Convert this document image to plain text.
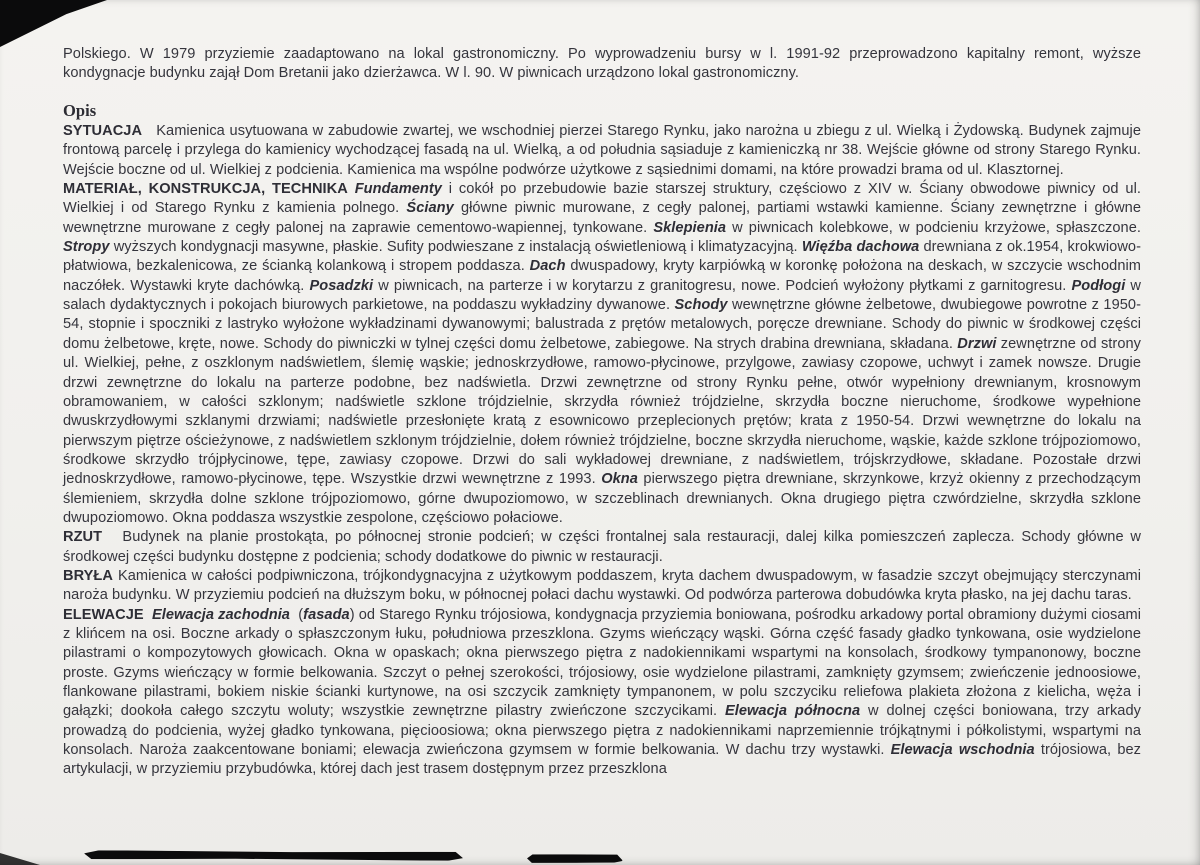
Polskiego. W 1979 przyziemie zaadaptowano na lokal gastronomiczny. Po wyprowadzeniu bursy w l. 1991-92 przeprowadzono kapitalny remont, wyższe kondygnacje budynku zajął Dom Bretanii jako dzierżawca. W l. 90. W piwnicach urządzono lokal gastronomiczny.

Opis

SYTUACJA   Kamienica usytuowana w zabudowie zwartej, we wschodniej pierzei Starego Rynku, jako narożna u zbiegu z ul. Wielką i Żydowską. Budynek zajmuje frontową parcelę i przylega do kamienicy wychodzącej fasadą na ul. Wielką, a od południa sąsiaduje z kamieniczką nr 38. Wejście główne od strony Starego Rynku. Wejście boczne od ul. Wielkiej z podcienia. Kamienica ma wspólne podwórze użytkowe z sąsiednimi domami, na które prowadzi brama od ul. Klasztornej.

MATERIAŁ, KONSTRUKCJA, TECHNIKA Fundamenty i cokół po przebudowie bazie starszej struktury, częściowo z XIV w. Ściany obwodowe piwnicy od ul. Wielkiej i od Starego Rynku z kamienia polnego. Ściany główne piwnic murowane, z cegły palonej, partiami wstawki kamienne. Ściany zewnętrzne i główne wewnętrzne murowane z cegły palonej na zaprawie cementowo-wapiennej, tynkowane. Sklepienia w piwnicach kolebkowe, w podcieniu krzyżowe, spłaszczone. Stropy wyższych kondygnacji masywne, płaskie. Sufity podwieszane z instalacją oświetleniową i klimatyzacyjną. Więźba dachowa drewniana z ok.1954, krokwiowo-płatwiowa, bezkalenicowa, ze ścianką kolankową i stropem poddasza. Dach dwuspadowy, kryty karpiówką w koronkę położona na deskach, w szczycie wschodnim naczółek. Wystawki kryte dachówką. Posadzki w piwnicach, na parterze i w korytarzu z granitogresu, nowe. Podcień wyłożony płytkami z garnitogresu. Podłogi w salach dydaktycznych i pokojach biurowych parkietowe, na poddaszu wykładziny dywanowe. Schody wewnętrzne główne żelbetowe, dwubiegowe powrotne z 1950-54, stopnie i spoczniki z lastryko wyłożone wykładzinami dywanowymi; balustrada z prętów metalowych, poręcze drewniane. Schody do piwnic w środkowej części domu żelbetowe, kręte, nowe. Schody do piwniczki w tylnej części domu żelbetowe, zabiegowe. Na strych drabina drewniana, składana. Drzwi zewnętrzne od strony ul. Wielkiej, pełne, z oszklonym nadświetlem, ślemię wąskie; jednoskrzydłowe, ramowo-płycinowe, przylgowe, zawiasy czopowe, uchwyt i zamek nowsze. Drugie drzwi zewnętrzne do lokalu na parterze podobne, bez nadświetla. Drzwi zewnętrzne od strony Rynku pełne, otwór wypełniony drewnianym, krosnowym obramowaniem, w całości szklonym; nadświetle szklone trójdzielnie, skrzydła również trójdzielne, skrzydła boczne nieruchome, środkowe wypełnione dwuskrzydłowymi szklanymi drzwiami; nadświetle przesłonięte kratą z esownicowo przeplecionych prętów; krata z 1950-54. Drzwi wewnętrzne do lokalu na pierwszym piętrze ościeżynowe, z nadświetlem szklonym trójdzielnie, dołem również trójdzielne, boczne skrzydła nieruchome, wąskie, każde szklone trójpoziomowo, środkowe skrzydło trójpłycinowe, tępe, zawiasy czopowe. Drzwi do sali wykładowej drewniane, z nadświetlem, trójskrzydłowe, składane. Pozostałe drzwi jednoskrzydłowe, ramowo-płycinowe, tępe. Wszystkie drzwi wewnętrzne z 1993. Okna pierwszego piętra drewniane, skrzynkowe, krzyż okienny z przechodzącym ślemieniem, skrzydła dolne szklone trójpoziomowo, górne dwupoziomowo, w szczeblinach drewnianych. Okna drugiego piętra czwórdzielne, skrzydła szklone dwupoziomowo. Okna poddasza wszystkie zespolone, częściowo połaciowe.

RZUT   Budynek na planie prostokąta, po północnej stronie podcień; w części frontalnej sala restauracji, dalej kilka pomieszczeń zaplecza. Schody główne w środkowej części budynku dostępne z podcienia; schody dodatkowe do piwnic w restauracji.

BRYŁA Kamienica w całości podpiwniczona, trójkondygnacyjna z użytkowym poddaszem, kryta dachem dwuspadowym, w fasadzie szczyt obejmujący sterczynami naroża budynku. W przyziemiu podcień na dłuższym boku, w północnej połaci dachu wystawki. Od podwórza parterowa dobudówka kryta płasko, na jej dachu taras.

ELEWACJE Elewacja zachodnia  (fasada) od Starego Rynku trójosiowa, kondygnacja przyziemia boniowana, pośrodku arkadowy portal obramiony dużymi ciosami z klińcem na osi. Boczne arkady o spłaszczonym łuku, południowa przeszklona. Gzyms wieńczący wąski. Górna część fasady gładko tynkowana, osie wydzielone pilastrami o kompozytowych głowicach. Okna w opaskach; okna pierwszego piętra z nadokiennikami wspartymi na konsolach, środkowy tympanonowy, boczne proste. Gzyms wieńczący w formie belkowania. Szczyt o pełnej szerokości, trójosiowy, osie wydzielone pilastrami, zamknięty gzymsem; zwieńczenie jednoosiowe, flankowane pilastrami, bokiem niskie ścianki kurtynowe, na osi szczycik zamknięty tympanonem, w polu szczyciku reliefowa plakieta złożona z kielicha, węża i gałązki; dookoła całego szczytu woluty; wszystkie zewnętrzne pilastry zwieńczone szczycikami. Elewacja północna w dolnej części boniowana, trzy arkady prowadzą do podcienia, wyżej gładko tynkowana, pięcioosiowa; okna pierwszego piętra z nadokiennikami naprzemiennie trójkątnymi i półkolistymi, wspartymi na konsolach. Naroża zaakcentowane boniami; elewacja zwieńczona gzymsem w formie belkowania. W dachu trzy wystawki. Elewacja wschodnia trójosiowa, bez artykulacji, w przyziemiu przybudówka, której dach jest trasem dostępnym przez przeszklona
